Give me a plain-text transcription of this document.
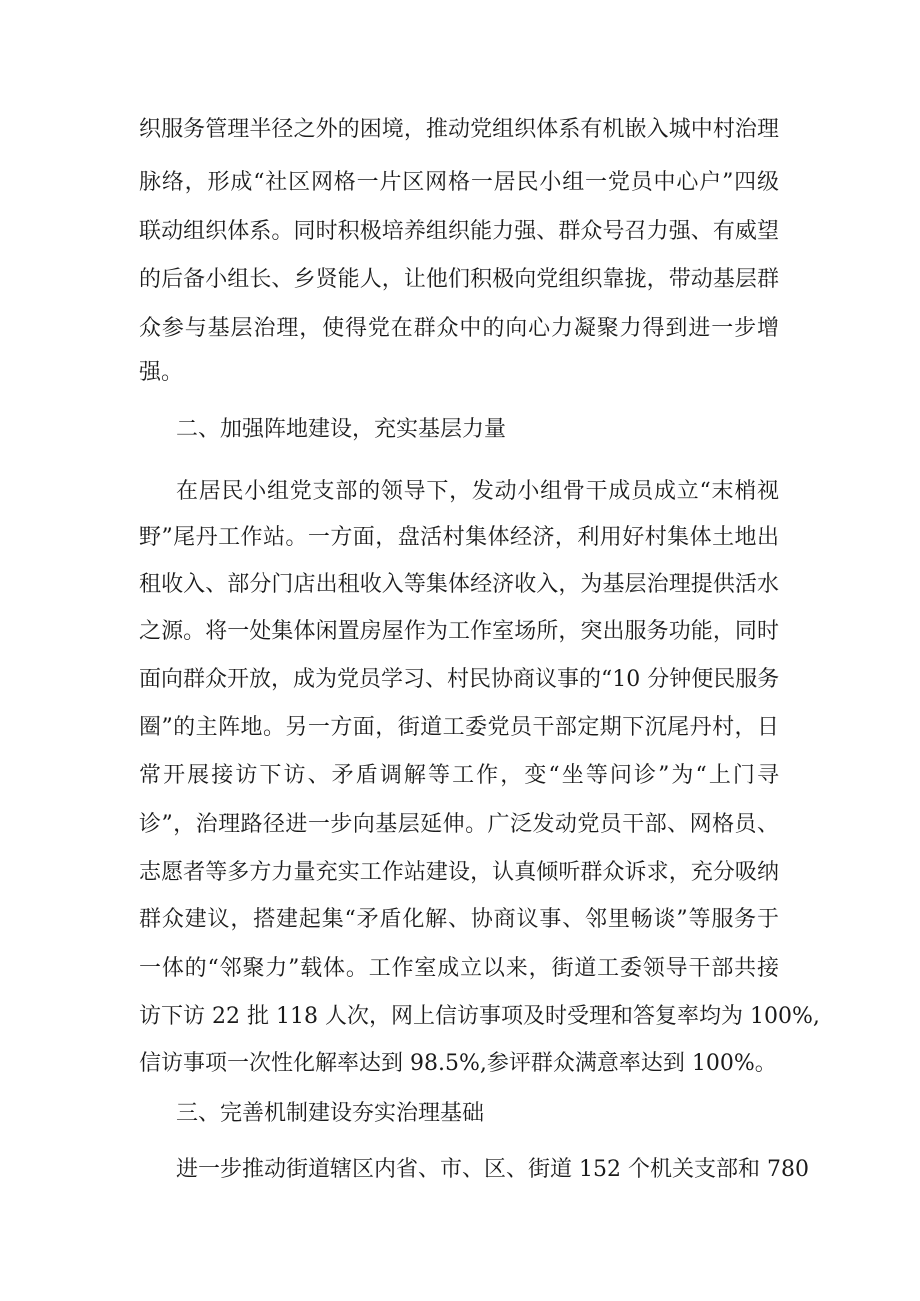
织服务管理半径之外的困境，推动党组织体系有机嵌入城中村治理
脉络，形成“社区网格一片区网格一居民小组一党员中心户”四级
联动组织体系。同时积极培养组织能力强、群众号召力强、有威望
的后备小组长、乡贤能人，让他们积极向党组织靠拢，带动基层群
众参与基层治理，使得党在群众中的向心力凝聚力得到进一步增
强。
二、加强阵地建设，充实基层力量
在居民小组党支部的领导下，发动小组骨干成员成立“末梢视
野”尾丹工作站。一方面，盘活村集体经济，利用好村集体土地出
租收入、部分门店出租收入等集体经济收入，为基层治理提供活水
之源。将一处集体闲置房屋作为工作室场所，突出服务功能，同时
面向群众开放，成为党员学习、村民协商议事的“10 分钟便民服务
圈”的主阵地。另一方面，街道工委党员干部定期下沉尾丹村，日
常开展接访下访、矛盾调解等工作，变“坐等问诊”为“上门寻
诊”，治理路径进一步向基层延伸。广泛发动党员干部、网格员、
志愿者等多方力量充实工作站建设，认真倾听群众诉求，充分吸纳
群众建议，搭建起集“矛盾化解、协商议事、邻里畅谈”等服务于
一体的“邻聚力”载体。工作室成立以来，街道工委领导干部共接
访下访 22 批 118 人次，网上信访事项及时受理和答复率均为 100%,
信访事项一次性化解率达到 98.5%,参评群众满意率达到 100%。
三、完善机制建设夯实治理基础
进一步推动街道辖区内省、市、区、街道 152 个机关支部和 780
